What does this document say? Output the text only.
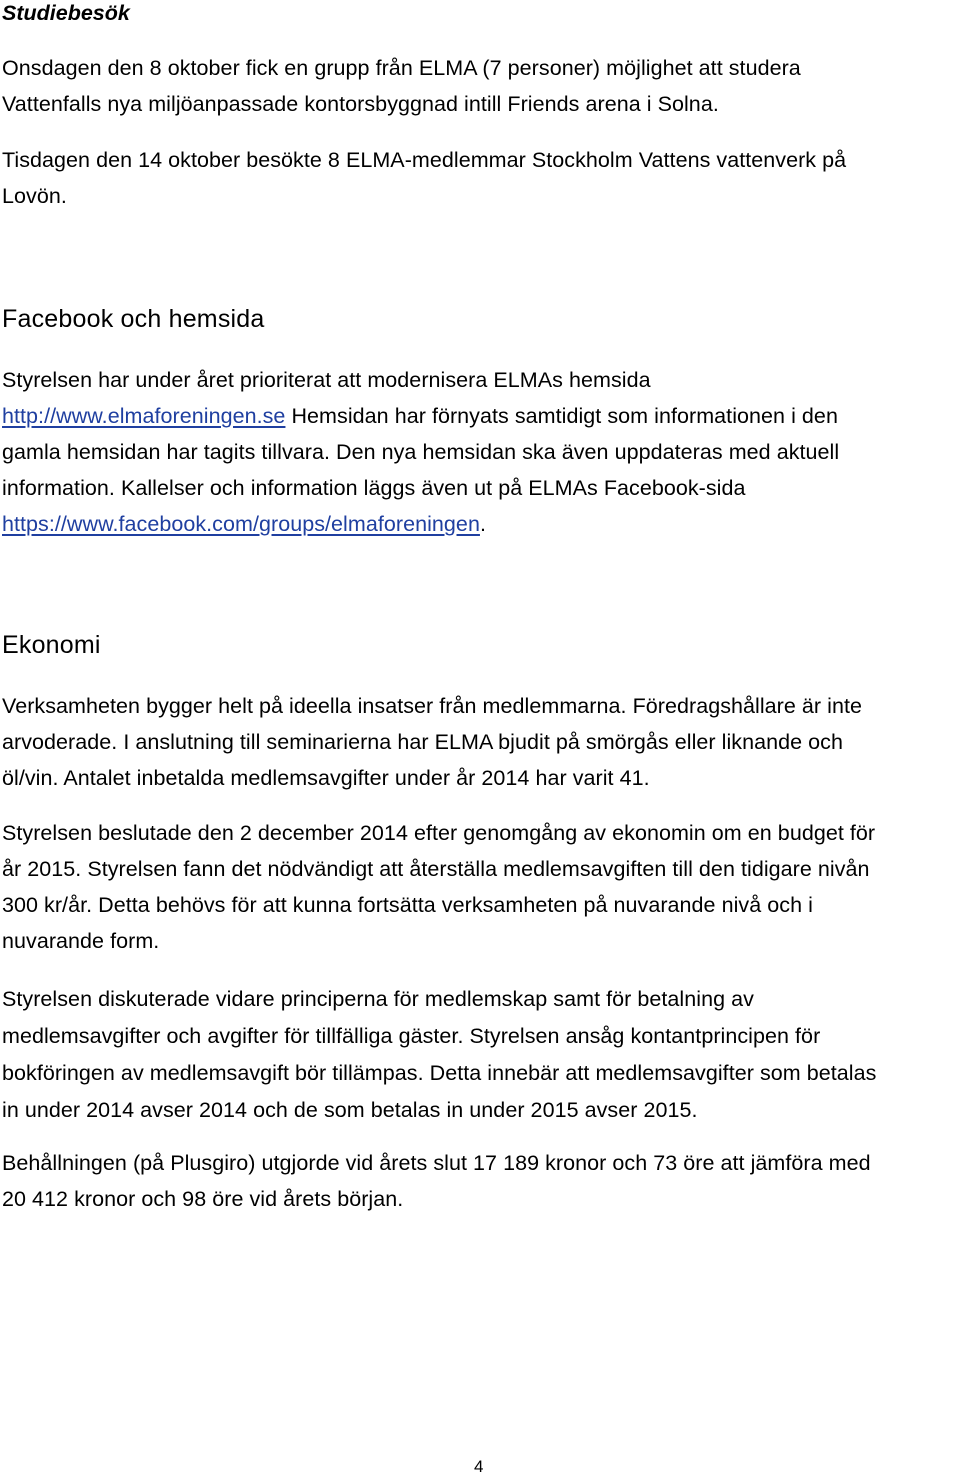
Studiebesök
Onsdagen den 8 oktober fick en grupp från ELMA (7 personer) möjlighet att studera
Vattenfalls nya miljöanpassade kontorsbyggnad intill Friends arena i Solna.
Tisdagen den 14 oktober besökte 8 ELMA-medlemmar Stockholm Vattens vattenverk på
Lovön.
Facebook och hemsida
Styrelsen har under året prioriterat att modernisera ELMAs hemsida
http://www.elmaforeningen.se Hemsidan har förnyats samtidigt som informationen i den
gamla hemsidan har tagits tillvara. Den nya hemsidan ska även uppdateras med aktuell
information. Kallelser och information läggs även ut på ELMAs Facebook-sida
https://www.facebook.com/groups/elmaforeningen.
Ekonomi
Verksamheten bygger helt på ideella insatser från medlemmarna. Föredragshållare är inte
arvoderade. I anslutning till seminarierna har ELMA bjudit på smörgås eller liknande och
öl/vin. Antalet inbetalda medlemsavgifter under år 2014 har varit 41.
Styrelsen beslutade den 2 december 2014 efter genomgång av ekonomin om en budget för
år 2015. Styrelsen fann det nödvändigt att återställa medlemsavgiften till den tidigare nivån
300 kr/år. Detta behövs för att kunna fortsätta verksamheten på nuvarande nivå och i
nuvarande form.
Styrelsen diskuterade vidare principerna för medlemskap samt för betalning av
medlemsavgifter och avgifter för tillfälliga gäster. Styrelsen ansåg kontantprincipen för
bokföringen av medlemsavgift bör tillämpas. Detta innebär att medlemsavgifter som betalas
in under 2014 avser 2014 och de som betalas in under 2015 avser 2015.
Behållningen (på Plusgiro) utgjorde vid årets slut 17 189 kronor och 73 öre att jämföra med
20 412 kronor och 98 öre vid årets början.
4
